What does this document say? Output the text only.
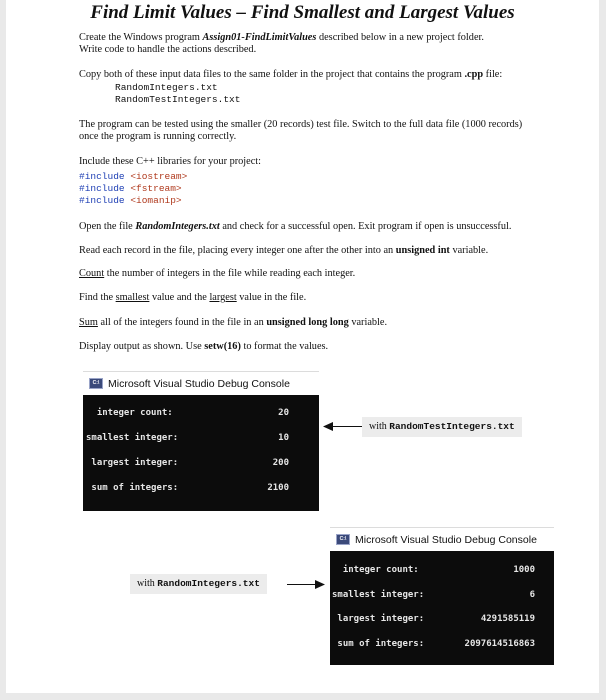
Find Limit Values – Find Smallest and Largest Values
Create the Windows program Assign01-FindLimitValues described below in a new project folder.
Write code to handle the actions described.
Copy both of these input data files to the same folder in the project that contains the program .cpp file:
RandomIntegers.txt
RandomTestIntegers.txt
The program can be tested using the smaller (20 records) test file. Switch to the full data file (1000 records)
once the program is running correctly.
Include these C++ libraries for your project:
#include <iostream>
#include <fstream>
#include <iomanip>
Open the file RandomIntegers.txt and check for a successful open. Exit program if open is unsuccessful.
Read each record in the file, placing every integer one after the other into an unsigned int variable.
Count the number of integers in the file while reading each integer.
Find the smallest value and the largest value in the file.
Sum all of the integers found in the file in an unsigned long long variable.
Display output as shown. Use setw(16) to format the values.
C:\ Microsoft Visual Studio Debug Console
integer count:	20
smallest integer:	10
largest integer:	200
sum of integers:	2100
with RandomTestIntegers.txt
with RandomIntegers.txt
C:\ Microsoft Visual Studio Debug Console
integer count:	1000
smallest integer:	6
largest integer:	4291585119
sum of integers:	2097614516863
